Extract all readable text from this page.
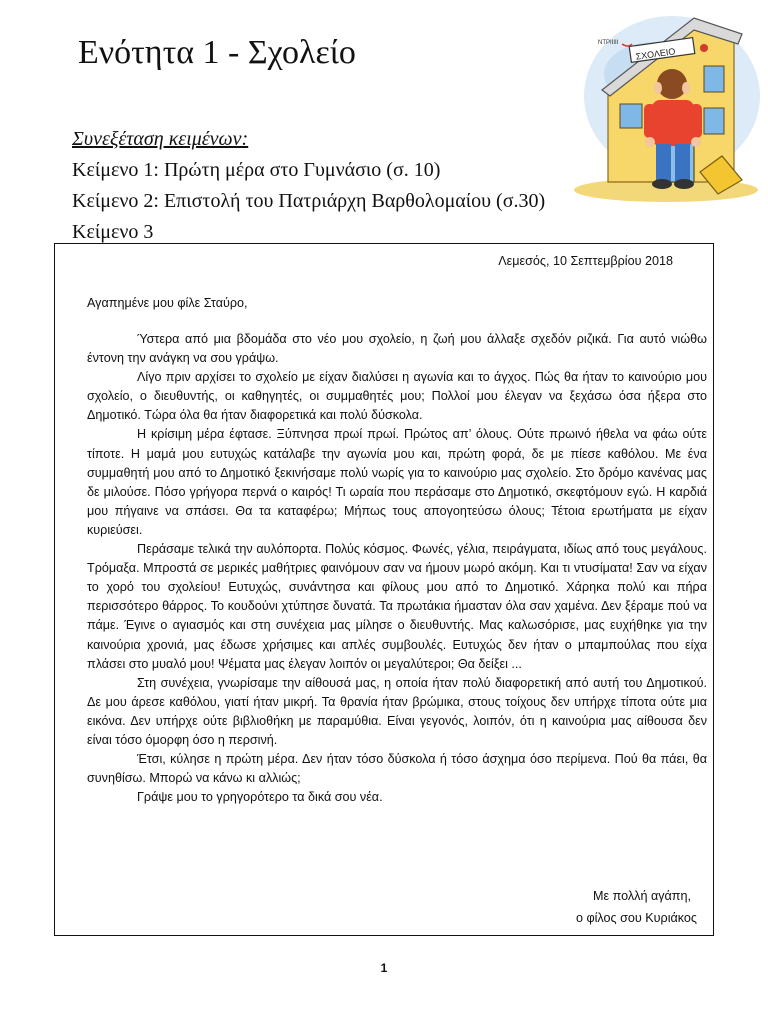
Ενότητα 1 - Σχολείο	ΣΧΟΛΕΙΟ
ΝΤΡΙΙΙΙΙ
Συνεξέταση κειμένων:
Κείμενο 1: Πρώτη μέρα στο Γυμνάσιο (σ. 10)
Κείμενο 2: Επιστολή του Πατριάρχη Βαρθολομαίου (σ.30)
Κείμενο 3
Λεμεσός, 10 Σεπτεμβρίου 2018
Αγαπημένε μου φίλε Σταύρο,

Ύστερα από μια βδομάδα στο νέο μου σχολείο, η ζωή μου άλλαξε σχεδόν ριζικά. Για αυτό νιώθω έντονη την ανάγκη να σου γράψω.

Λίγο πριν αρχίσει το σχολείο με είχαν διαλύσει η αγωνία και το άγχος. Πώς θα ήταν το καινούριο μου σχολείο, ο διευθυντής, οι καθηγητές, οι συμμαθητές μου; Πολλοί μου έλεγαν να ξεχάσω όσα ήξερα στο Δημοτικό. Τώρα όλα θα ήταν διαφορετικά και πολύ δύσκολα.

Η κρίσιμη μέρα έφτασε. Ξύπνησα πρωί πρωί. Πρώτος απ’ όλους. Ούτε πρωινό ήθελα να φάω ούτε τίποτε. Η μαμά μου ευτυχώς κατάλαβε την αγωνία μου και, πρώτη φορά, δε με πίεσε καθόλου. Με ένα συμμαθητή μου από το Δημοτικό ξεκινήσαμε πολύ νωρίς για το καινούριο μας σχολείο. Στο δρόμο κανένας μας δε μιλούσε. Πόσο γρήγορα περνά ο καιρός! Τι ωραία που περάσαμε στο Δημοτικό, σκεφτόμουν εγώ. Η καρδιά μου πήγαινε να σπάσει. Θα τα καταφέρω; Μήπως τους απογοητεύσω όλους; Τέτοια ερωτήματα με είχαν κυριεύσει.

Περάσαμε τελικά την αυλόπορτα. Πολύς κόσμος. Φωνές, γέλια, πειράγματα, ιδίως από τους μεγάλους. Τρόμαξα. Μπροστά σε μερικές μαθήτριες φαινόμουν σαν να ήμουν μωρό ακόμη. Και τι ντυσίματα! Σαν να είχαν το χορό του σχολείου! Ευτυχώς, συνάντησα και φίλους μου από το Δημοτικό. Χάρηκα πολύ και πήρα περισσότερο θάρρος. Το κουδούνι χτύπησε δυνατά. Τα πρωτάκια ήμασταν όλα σαν χαμένα. Δεν ξέραμε πού να πάμε. Έγινε ο αγιασμός και στη συνέχεια μας μίλησε ο διευθυντής. Μας καλωσόρισε, μας ευχήθηκε για την καινούρια χρονιά, μας έδωσε χρήσιμες και απλές συμβουλές. Ευτυχώς δεν ήταν ο μπαμπούλας που είχα πλάσει στο μυαλό μου! Ψέματα μας έλεγαν λοιπόν οι μεγαλύτεροι; Θα δείξει ...

Στη συνέχεια, γνωρίσαμε την αίθουσά μας, η οποία ήταν πολύ διαφορετική από αυτή του Δημοτικού. Δε μου άρεσε καθόλου, γιατί ήταν μικρή. Τα θρανία ήταν βρώμικα, στους τοίχους δεν υπήρχε τίποτα ούτε μια εικόνα. Δεν υπήρχε ούτε βιβλιοθήκη με παραμύθια. Είναι γεγονός, λοιπόν, ότι η καινούρια μας αίθουσα δεν είναι τόσο όμορφη όσο η περσινή.

Έτσι, κύλησε η πρώτη μέρα. Δεν ήταν τόσο δύσκολα ή τόσο άσχημα όσο περίμενα. Πού θα πάει, θα συνηθίσω. Μπορώ να κάνω κι αλλιώς;

Γράψε μου το γρηγορότερο τα δικά σου νέα.

Με πολλή αγάπη,
ο φίλος σου Κυριάκος
1
